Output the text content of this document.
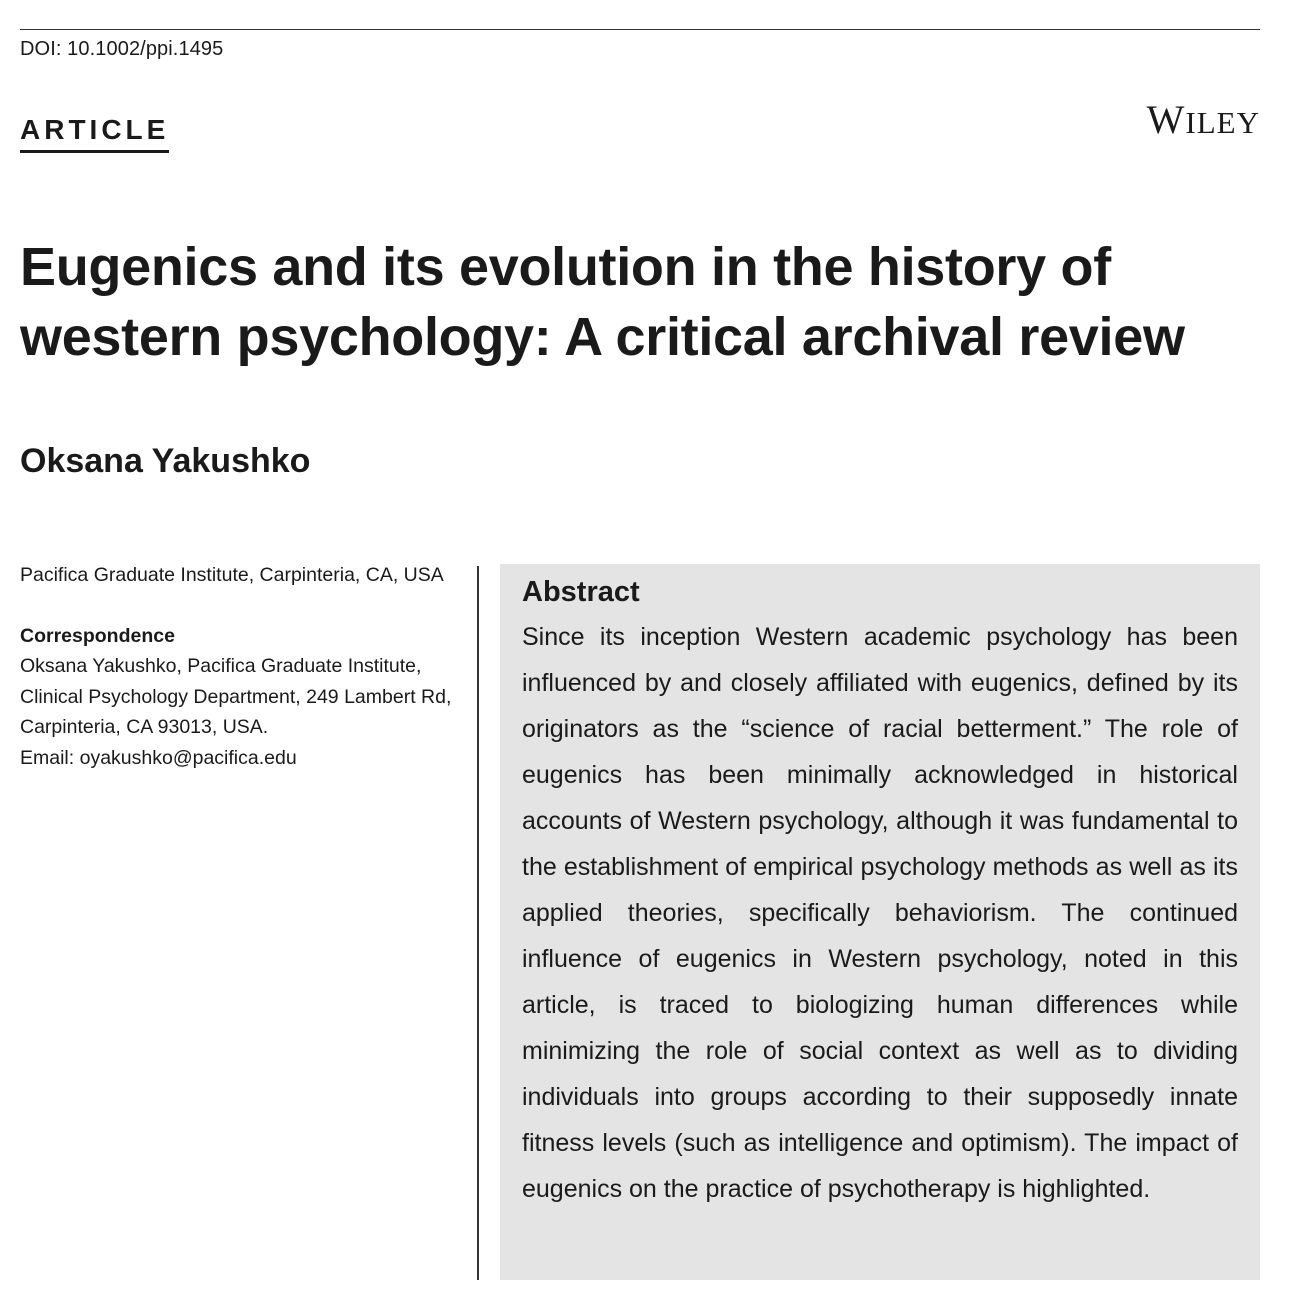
DOI: 10.1002/ppi.1495
ARTICLE	WILEY
Eugenics and its evolution in the history of western psychology: A critical archival review
Oksana Yakushko

Pacifica Graduate Institute, Carpinteria, CA, USA

Correspondence

Oksana Yakushko, Pacifica Graduate Institute, Clinical Psychology Department, 249 Lambert Rd, Carpinteria, CA 93013, USA.

Email: oyakushko@pacifica.edu

Abstract

Since its inception Western academic psychology has been influenced by and closely affiliated with eugenics, defined by its originators as the “science of racial betterment.” The role of eugenics has been minimally acknowledged in historical accounts of Western psychology, although it was fundamental to the establishment of empirical psychology methods as well as its applied theories, specifically behaviorism. The continued influence of eugenics in Western psychology, noted in this article, is traced to biologizing human differences while minimizing the role of social context as well as to dividing individuals into groups according to their supposedly innate fitness levels (such as intelligence and optimism). The impact of eugenics on the practice of psychotherapy is highlighted.
